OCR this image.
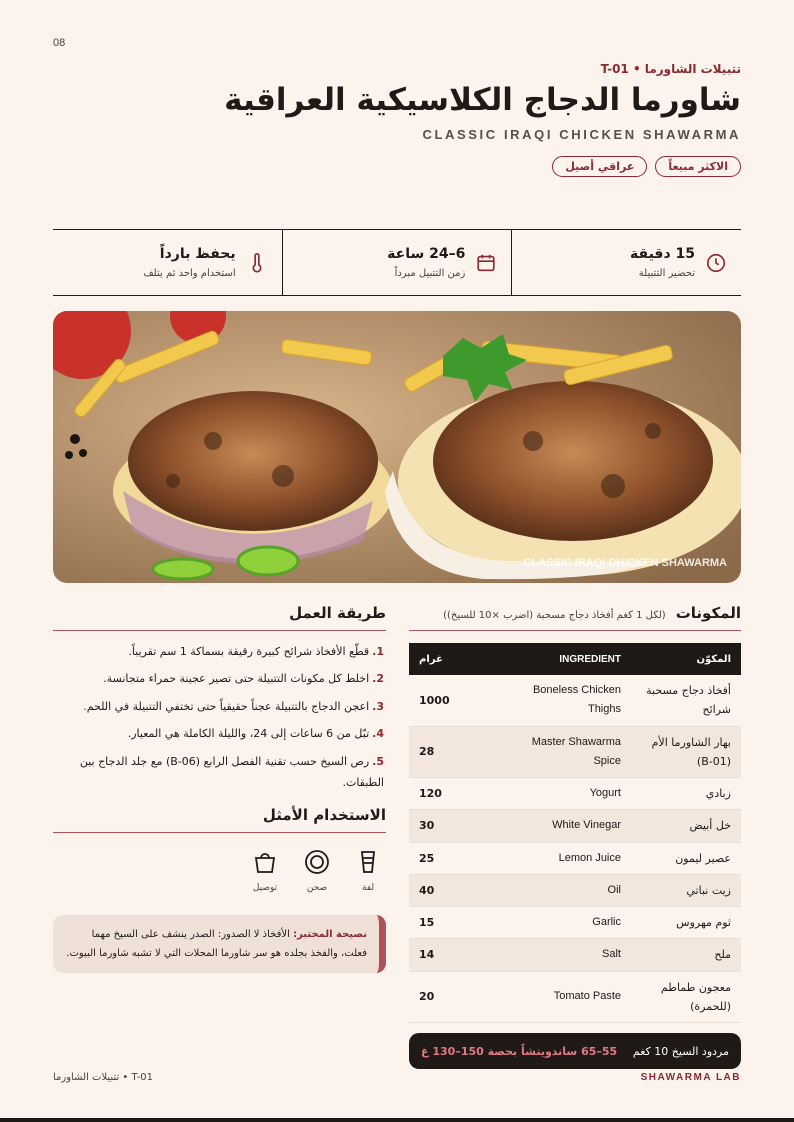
08
تتبيلات الشاورما • T-01
شاورما الدجاج الكلاسيكية العراقية
CLASSIC IRAQI CHICKEN SHAWARMA
الاكثر مبيعاً
عراقي أصيل
15 دقيقة
تحضير التتبيلة
6–24 ساعة
زمن التتبيل مبرداً
يحفظ بارداً
استخدام واحد ثم يتلف
CLASSIC IRAQI CHICKEN SHAWARMA
المكونات
(لكل 1 كغم أفخاذ دجاج مسحبة (اضرب ×10 للسيخ))
المكوّن	INGREDIENT	غرام
أفخاذ دجاج مسحبة شرائح	Boneless Chicken Thighs	1000
بهار الشاورما الأم (B-01)	Master Shawarma Spice	28
زبادي	Yogurt	120
خل أبيض	White Vinegar	30
عصير ليمون	Lemon Juice	25
زيت نباتي	Oil	40
ثوم مهروس	Garlic	15
ملح	Salt	14
معجون طماطم (للحمرة)	Tomato Paste	20
مردود السيخ 10 كغم
55–65 ساندويتشاً بحصة 150–130 غ
طريقة العمل
1.قطّع الأفخاذ شرائح كبيرة رقيقة بسماكة 1 سم تقريباً.
2.اخلط كل مكونات التتبيلة حتى تصير عجينة حمراء متجانسة.
3.اعجن الدجاج بالتتبيلة عجناً حقيقياً حتى تختفي التتبيلة في اللحم.
4.تبّل من 6 ساعات إلى 24، والليلة الكاملة هي المعيار.
5.رص السيخ حسب تقنية الفصل الرابع (B-06) مع جلد الدجاج بين الطبقات.
الاستخدام الأمثل
لفة
صحن
توصيل
نصيحة المختبر: الأفخاذ لا الصدور: الصدر ينشف على السيخ مهما فعلت، والفخذ بجلده هو سر شاورما المحلات التي لا تشبه شاورما البيوت.
تتبيلات الشاورما • T-01	SHAWARMA LAB
